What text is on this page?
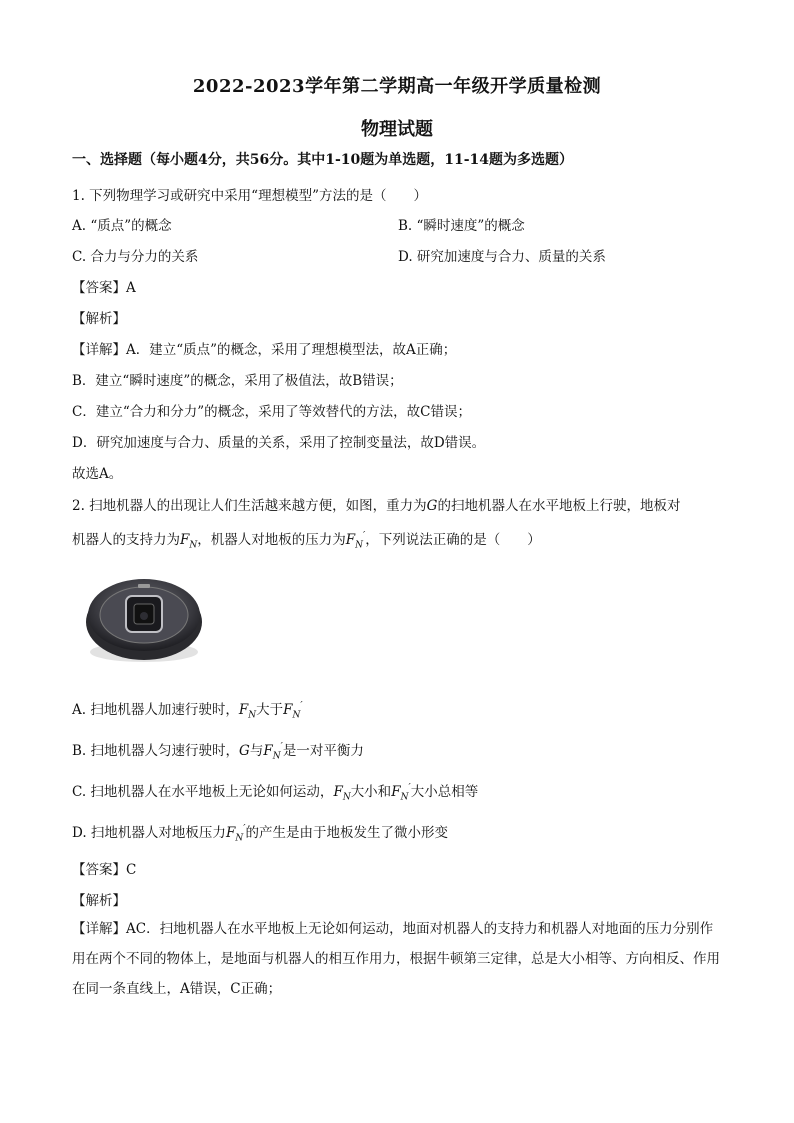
2022-2023学年第二学期高一年级开学质量检测
物理试题
一、选择题（每小题4分，共56分。其中1-10题为单选题，11-14题为多选题）
1. 下列物理学习或研究中采用“理想模型”方法的是（　　）
A. “质点”的概念	B. “瞬时速度”的概念
C. 合力与分力的关系	D. 研究加速度与合力、质量的关系
【答案】A
【解析】
【详解】A．建立“质点”的概念，采用了理想模型法，故A正确；
B．建立“瞬时速度”的概念，采用了极值法，故B错误；
C．建立“合力和分力”的概念，采用了等效替代的方法，故C错误；
D．研究加速度与合力、质量的关系，采用了控制变量法，故D错误。
故选A。
2. 扫地机器人的出现让人们生活越来越方便，如图，重力为G的扫地机器人在水平地板上行驶，地板对
机器人的支持力为$F_N$，机器人对地板的压力为$F_N'$，下列说法正确的是（　　）
A. 扫地机器人加速行驶时，$F_N$大于$F_N'$
B. 扫地机器人匀速行驶时，G与$F_N'$是一对平衡力
C. 扫地机器人在水平地板上无论如何运动，$F_N$大小和$F_N'$大小总相等
D. 扫地机器人对地板压力$F_N'$的产生是由于地板发生了微小形变
【答案】C
【解析】
【详解】AC．扫地机器人在水平地板上无论如何运动，地面对机器人的支持力和机器人对地面的压力分别作用在两个不同的物体上，是地面与机器人的相互作用力，根据牛顿第三定律，总是大小相等、方向相反、作用在同一条直线上，A错误，C正确；
